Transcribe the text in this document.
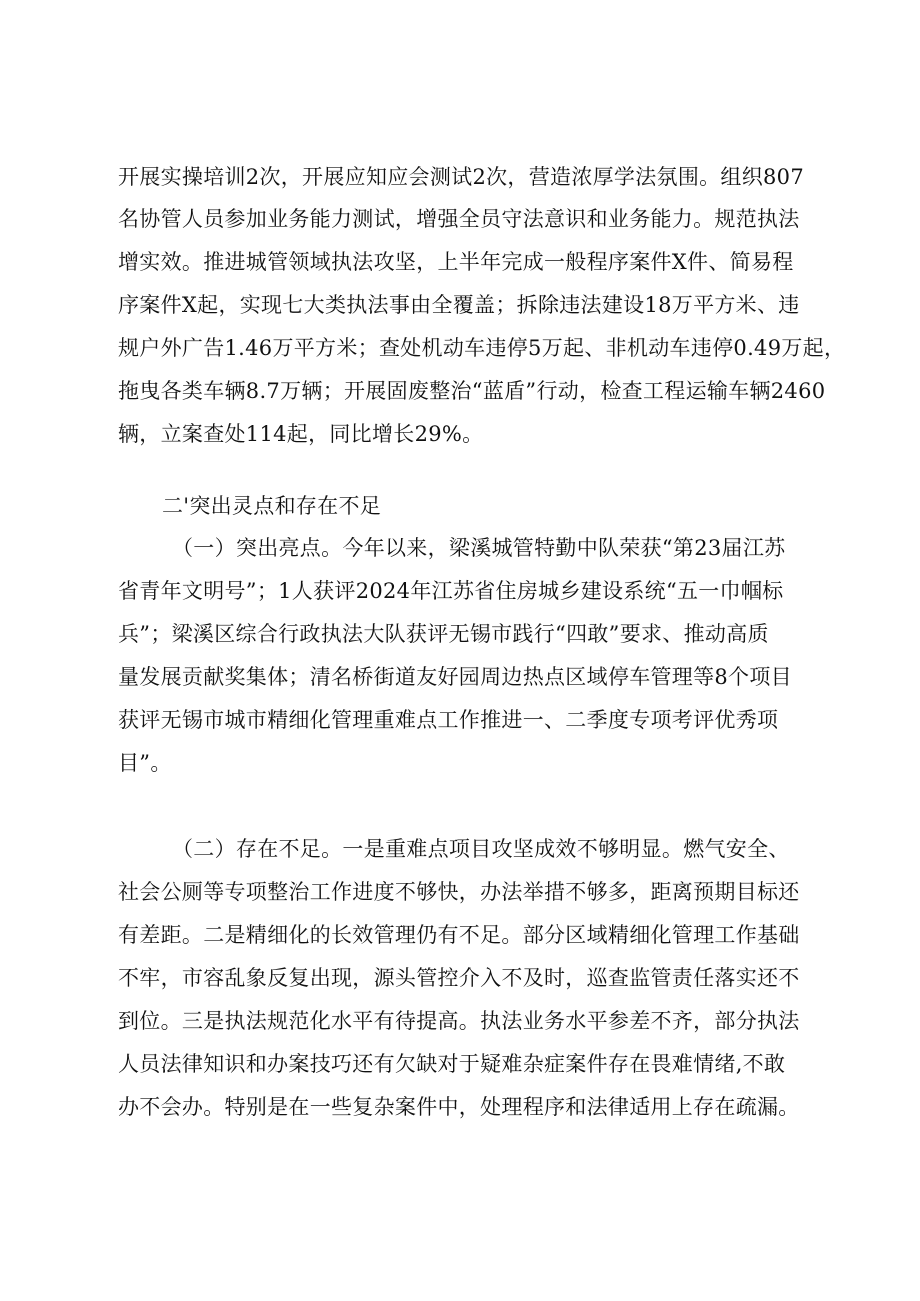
开展实操培训2次，开展应知应会测试2次，营造浓厚学法氛围。组织807
名协管人员参加业务能力测试，增强全员守法意识和业务能力。规范执法
增实效。推进城管领域执法攻坚，上半年完成一般程序案件X件、简易程
序案件X起，实现七大类执法事由全覆盖；拆除违法建设18万平方米、违
规户外广告1.46万平方米；查处机动车违停5万起、非机动车违停0.49万起，
拖曳各类车辆8.7万辆；开展固废整治“蓝盾”行动，检查工程运输车辆2460
辆，立案查处114起，同比增长29%。
二'突出灵点和存在不足
（一）突出亮点。今年以来，梁溪城管特勤中队荣获“第23届江苏
省青年文明号”；1人获评2024年江苏省住房城乡建设系统“五一巾帼标
兵”；梁溪区综合行政执法大队获评无锡市践行“四敢”要求、推动高质
量发展贡献奖集体；清名桥街道友好园周边热点区域停车管理等8个项目
获评无锡市城市精细化管理重难点工作推进一、二季度专项考评优秀项
目”。
（二）存在不足。一是重难点项目攻坚成效不够明显。燃气安全、
社会公厕等专项整治工作进度不够快，办法举措不够多，距离预期目标还
有差距。二是精细化的长效管理仍有不足。部分区域精细化管理工作基础
不牢，市容乱象反复出现，源头管控介入不及时，巡查监管责任落实还不
到位。三是执法规范化水平有待提高。执法业务水平参差不齐，部分执法
人员法律知识和办案技巧还有欠缺对于疑难杂症案件存在畏难情绪,不敢
办不会办。特别是在一些复杂案件中，处理程序和法律适用上存在疏漏。
